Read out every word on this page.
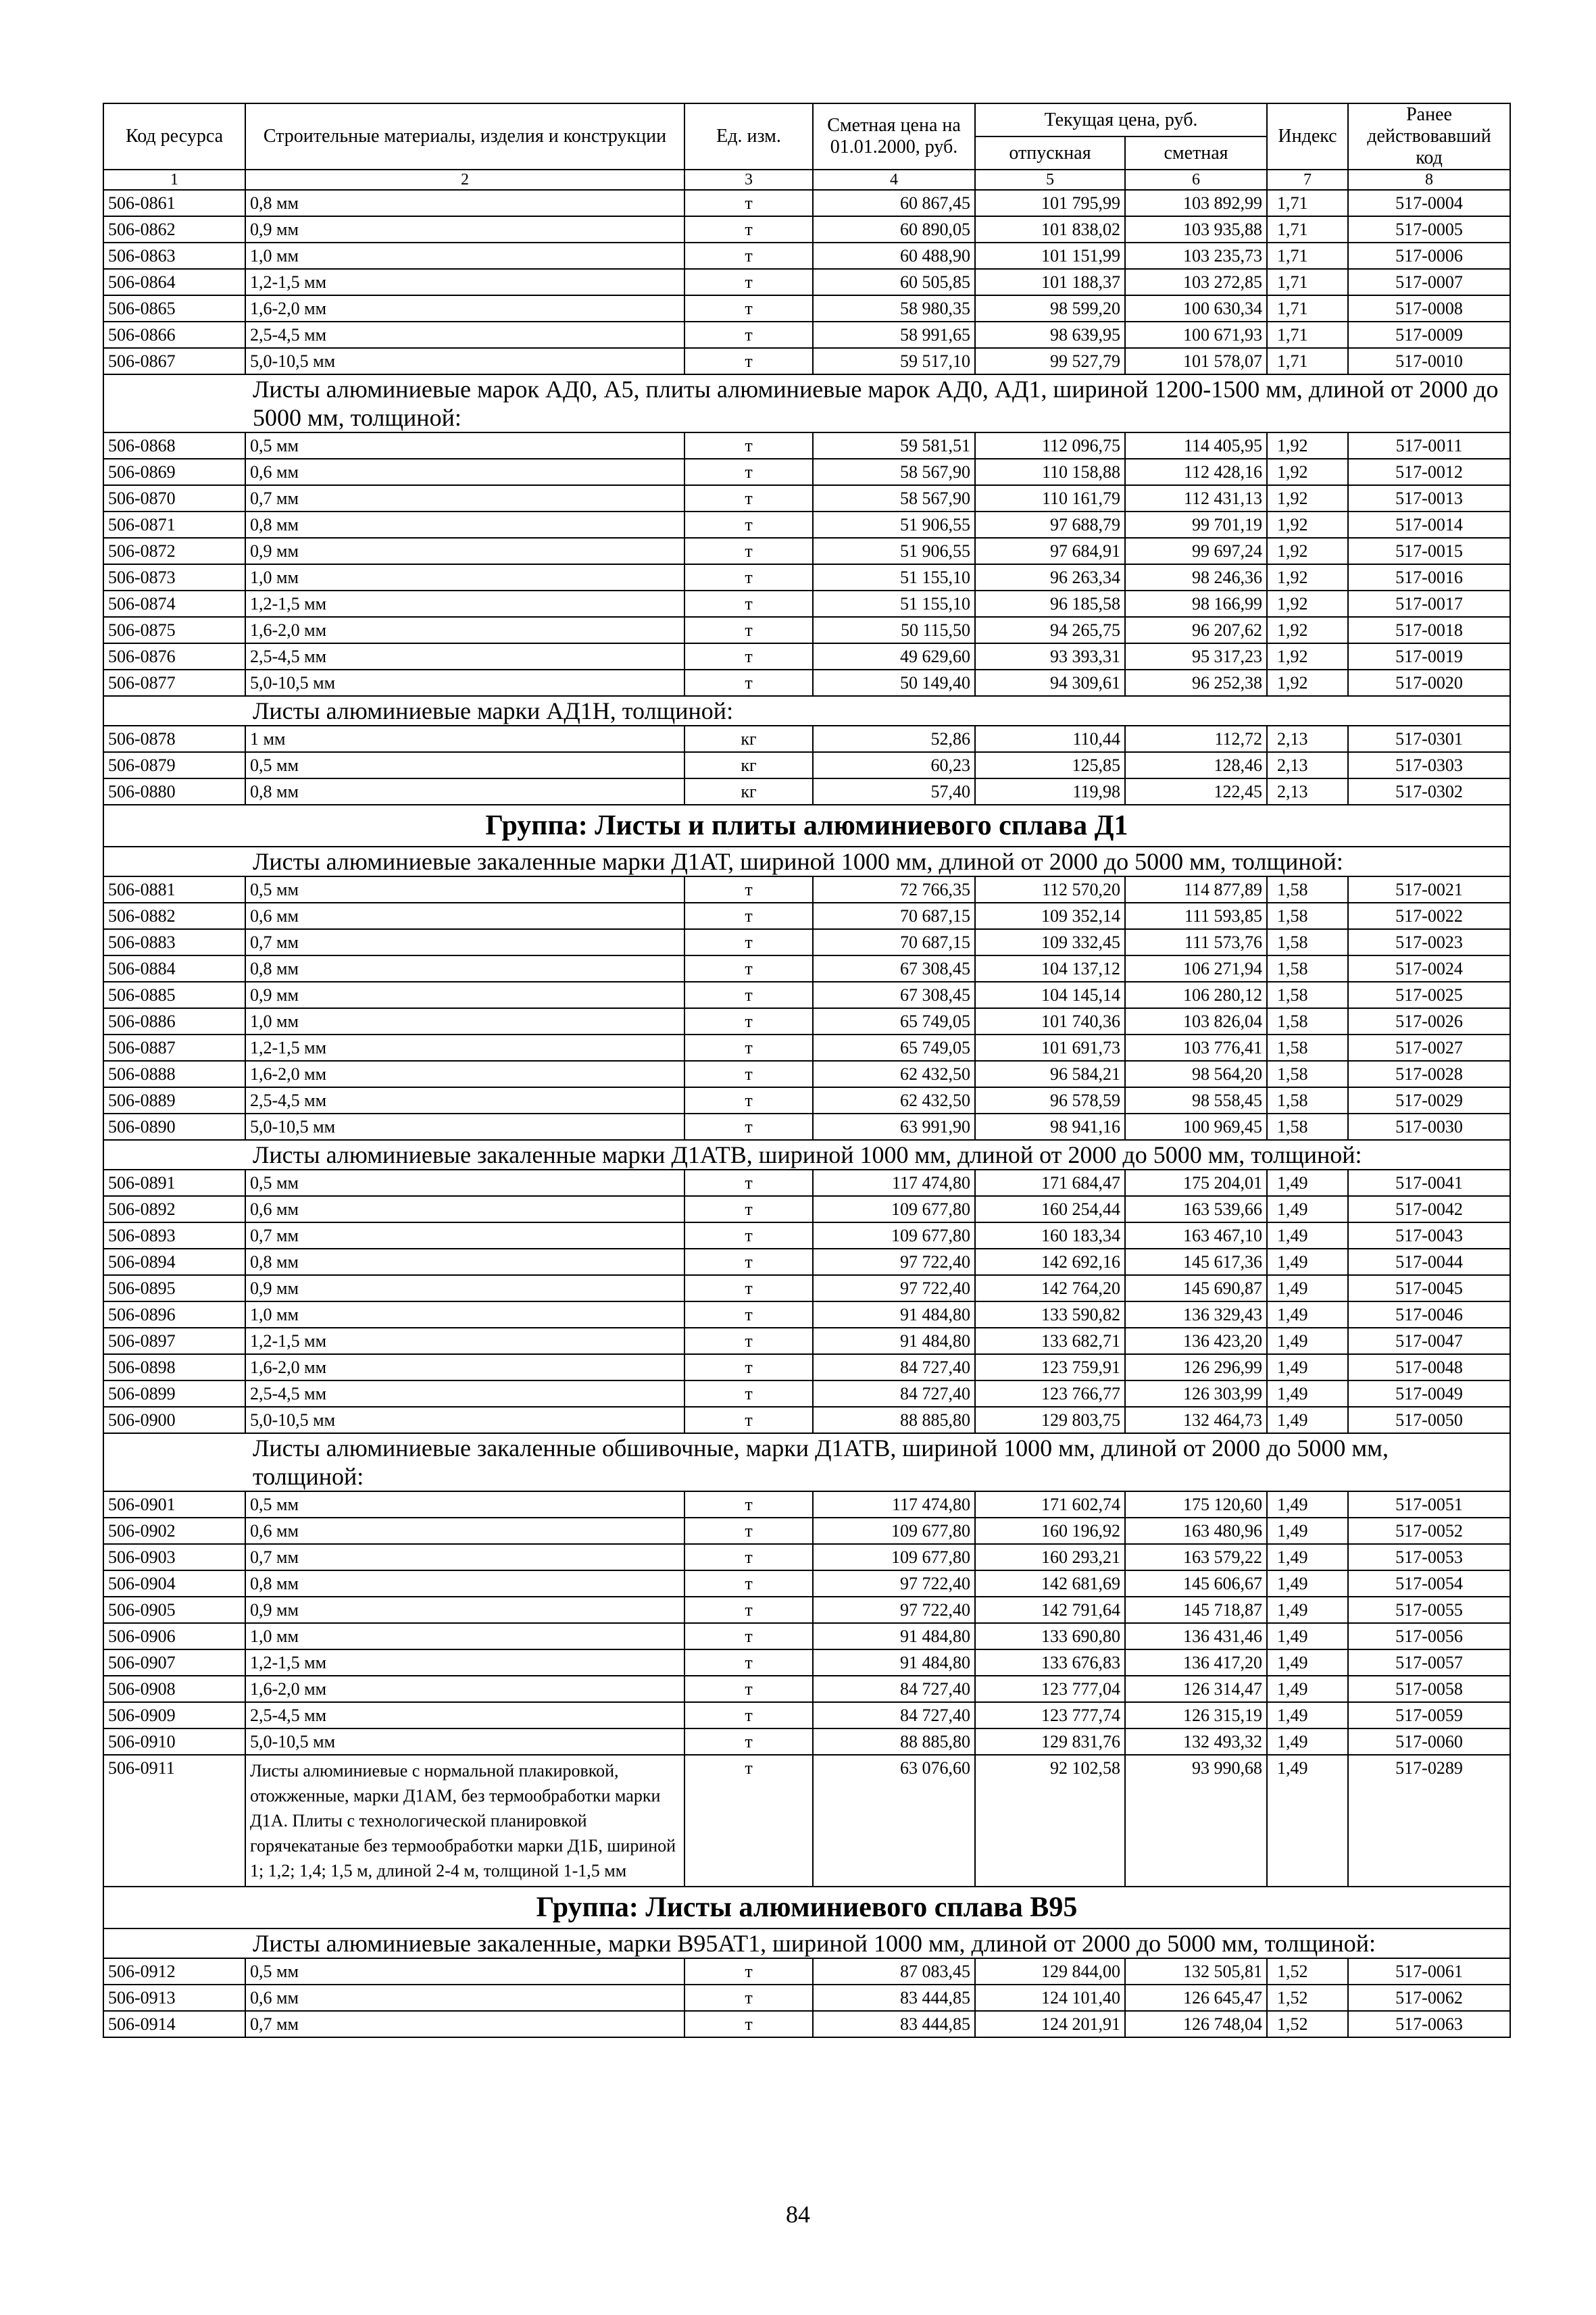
Код ресурса	Строительные материалы, изделия и конструкции	Ед. изм.	Сметная цена на 01.01.2000, руб.	Текущая цена, руб.		Индекс	Ранее действовавший код
				отпускная	сметная		
1	2	3	4	5	6	7	8
506-0861	0,8 мм	т	60 867,45	101 795,99	103 892,99	1,71	517-0004
506-0862	0,9 мм	т	60 890,05	101 838,02	103 935,88	1,71	517-0005
506-0863	1,0 мм	т	60 488,90	101 151,99	103 235,73	1,71	517-0006
506-0864	1,2-1,5 мм	т	60 505,85	101 188,37	103 272,85	1,71	517-0007
506-0865	1,6-2,0 мм	т	58 980,35	98 599,20	100 630,34	1,71	517-0008
506-0866	2,5-4,5 мм	т	58 991,65	98 639,95	100 671,93	1,71	517-0009
506-0867	5,0-10,5 мм	т	59 517,10	99 527,79	101 578,07	1,71	517-0010
Листы алюминиевые марок АД0, А5, плиты алюминиевые марок АД0, АД1, шириной 1200-1500 мм, длиной от 2000 до 5000 мм, толщиной:							
506-0868	0,5 мм	т	59 581,51	112 096,75	114 405,95	1,92	517-0011
506-0869	0,6 мм	т	58 567,90	110 158,88	112 428,16	1,92	517-0012
506-0870	0,7 мм	т	58 567,90	110 161,79	112 431,13	1,92	517-0013
506-0871	0,8 мм	т	51 906,55	97 688,79	99 701,19	1,92	517-0014
506-0872	0,9 мм	т	51 906,55	97 684,91	99 697,24	1,92	517-0015
506-0873	1,0 мм	т	51 155,10	96 263,34	98 246,36	1,92	517-0016
506-0874	1,2-1,5 мм	т	51 155,10	96 185,58	98 166,99	1,92	517-0017
506-0875	1,6-2,0 мм	т	50 115,50	94 265,75	96 207,62	1,92	517-0018
506-0876	2,5-4,5 мм	т	49 629,60	93 393,31	95 317,23	1,92	517-0019
506-0877	5,0-10,5 мм	т	50 149,40	94 309,61	96 252,38	1,92	517-0020
Листы алюминиевые марки АД1Н, толщиной:							
506-0878	1 мм	кг	52,86	110,44	112,72	2,13	517-0301
506-0879	0,5 мм	кг	60,23	125,85	128,46	2,13	517-0303
506-0880	0,8 мм	кг	57,40	119,98	122,45	2,13	517-0302
Группа: Листы и плиты алюминиевого сплава Д1							
Листы алюминиевые закаленные марки Д1АТ, шириной 1000 мм, длиной от 2000 до 5000 мм, толщиной:							
506-0881	0,5 мм	т	72 766,35	112 570,20	114 877,89	1,58	517-0021
506-0882	0,6 мм	т	70 687,15	109 352,14	111 593,85	1,58	517-0022
506-0883	0,7 мм	т	70 687,15	109 332,45	111 573,76	1,58	517-0023
506-0884	0,8 мм	т	67 308,45	104 137,12	106 271,94	1,58	517-0024
506-0885	0,9 мм	т	67 308,45	104 145,14	106 280,12	1,58	517-0025
506-0886	1,0 мм	т	65 749,05	101 740,36	103 826,04	1,58	517-0026
506-0887	1,2-1,5 мм	т	65 749,05	101 691,73	103 776,41	1,58	517-0027
506-0888	1,6-2,0 мм	т	62 432,50	96 584,21	98 564,20	1,58	517-0028
506-0889	2,5-4,5 мм	т	62 432,50	96 578,59	98 558,45	1,58	517-0029
506-0890	5,0-10,5 мм	т	63 991,90	98 941,16	100 969,45	1,58	517-0030
Листы алюминиевые закаленные марки Д1АТВ, шириной 1000 мм, длиной от 2000 до 5000 мм, толщиной:							
506-0891	0,5 мм	т	117 474,80	171 684,47	175 204,01	1,49	517-0041
506-0892	0,6 мм	т	109 677,80	160 254,44	163 539,66	1,49	517-0042
506-0893	0,7 мм	т	109 677,80	160 183,34	163 467,10	1,49	517-0043
506-0894	0,8 мм	т	97 722,40	142 692,16	145 617,36	1,49	517-0044
506-0895	0,9 мм	т	97 722,40	142 764,20	145 690,87	1,49	517-0045
506-0896	1,0 мм	т	91 484,80	133 590,82	136 329,43	1,49	517-0046
506-0897	1,2-1,5 мм	т	91 484,80	133 682,71	136 423,20	1,49	517-0047
506-0898	1,6-2,0 мм	т	84 727,40	123 759,91	126 296,99	1,49	517-0048
506-0899	2,5-4,5 мм	т	84 727,40	123 766,77	126 303,99	1,49	517-0049
506-0900	5,0-10,5 мм	т	88 885,80	129 803,75	132 464,73	1,49	517-0050
Листы алюминиевые закаленные обшивочные, марки Д1АТВ, шириной 1000 мм, длиной от 2000 до 5000 мм, толщиной:							
506-0901	0,5 мм	т	117 474,80	171 602,74	175 120,60	1,49	517-0051
506-0902	0,6 мм	т	109 677,80	160 196,92	163 480,96	1,49	517-0052
506-0903	0,7 мм	т	109 677,80	160 293,21	163 579,22	1,49	517-0053
506-0904	0,8 мм	т	97 722,40	142 681,69	145 606,67	1,49	517-0054
506-0905	0,9 мм	т	97 722,40	142 791,64	145 718,87	1,49	517-0055
506-0906	1,0 мм	т	91 484,80	133 690,80	136 431,46	1,49	517-0056
506-0907	1,2-1,5 мм	т	91 484,80	133 676,83	136 417,20	1,49	517-0057
506-0908	1,6-2,0 мм	т	84 727,40	123 777,04	126 314,47	1,49	517-0058
506-0909	2,5-4,5 мм	т	84 727,40	123 777,74	126 315,19	1,49	517-0059
506-0910	5,0-10,5 мм	т	88 885,80	129 831,76	132 493,32	1,49	517-0060
506-0911	Листы алюминиевые с нормальной плакировкой, отожженные, марки Д1АМ, без термообработки марки Д1А. Плиты с технологической планировкой горячекатаные без термообработки марки Д1Б, шириной 1; 1,2; 1,4; 1,5 м, длиной 2-4 м, толщиной 1-1,5 мм	т	63 076,60	92 102,58	93 990,68	1,49	517-0289
Группа: Листы алюминиевого сплава В95							
Листы алюминиевые закаленные, марки В95АТ1, шириной 1000 мм, длиной от 2000 до 5000 мм, толщиной:							
506-0912	0,5 мм	т	87 083,45	129 844,00	132 505,81	1,52	517-0061
506-0913	0,6 мм	т	83 444,85	124 101,40	126 645,47	1,52	517-0062
506-0914	0,7 мм	т	83 444,85	124 201,91	126 748,04	1,52	517-0063
84
